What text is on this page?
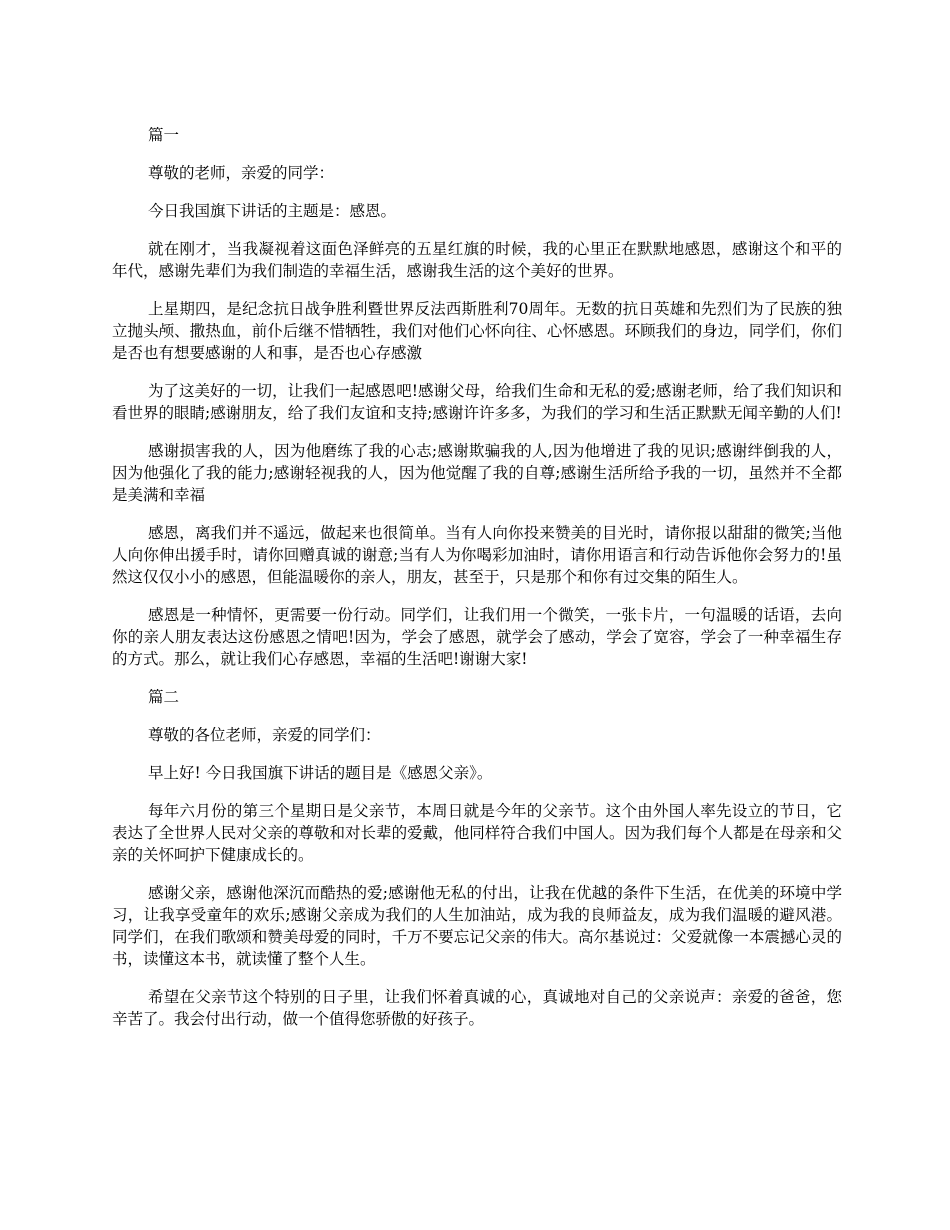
篇一

尊敬的老师，亲爱的同学：

今日我国旗下讲话的主题是：感恩。

就在刚才，当我凝视着这面色泽鲜亮的五星红旗的时候，我的心里正在默默地感恩，感谢这个和平的年代，感谢先辈们为我们制造的幸福生活，感谢我生活的这个美好的世界。

上星期四，是纪念抗日战争胜利暨世界反法西斯胜利70周年。无数的抗日英雄和先烈们为了民族的独立抛头颅、撒热血，前仆后继不惜牺牲，我们对他们心怀向往、心怀感恩。环顾我们的身边，同学们，你们是否也有想要感谢的人和事，是否也心存感激

为了这美好的一切，让我们一起感恩吧!感谢父母，给我们生命和无私的爱;感谢老师，给了我们知识和看世界的眼睛;感谢朋友，给了我们友谊和支持;感谢许许多多，为我们的学习和生活正默默无闻辛勤的人们!

感谢损害我的人，因为他磨练了我的心志;感谢欺骗我的人,因为他增进了我的见识;感谢绊倒我的人，因为他强化了我的能力;感谢轻视我的人，因为他觉醒了我的自尊;感谢生活所给予我的一切，虽然并不全都是美满和幸福

感恩，离我们并不遥远，做起来也很简单。当有人向你投来赞美的目光时，请你报以甜甜的微笑;当他人向你伸出援手时，请你回赠真诚的谢意;当有人为你喝彩加油时，请你用语言和行动告诉他你会努力的!虽然这仅仅小小的感恩，但能温暖你的亲人，朋友，甚至于，只是那个和你有过交集的陌生人。

感恩是一种情怀，更需要一份行动。同学们，让我们用一个微笑，一张卡片，一句温暖的话语，去向你的亲人朋友表达这份感恩之情吧!因为，学会了感恩，就学会了感动，学会了宽容，学会了一种幸福生存的方式。那么，就让我们心存感恩，幸福的生活吧!谢谢大家!

篇二

尊敬的各位老师，亲爱的同学们：

早上好! 今日我国旗下讲话的题目是《感恩父亲》。

每年六月份的第三个星期日是父亲节，本周日就是今年的父亲节。这个由外国人率先设立的节日，它表达了全世界人民对父亲的尊敬和对长辈的爱戴，他同样符合我们中国人。因为我们每个人都是在母亲和父亲的关怀呵护下健康成长的。

感谢父亲，感谢他深沉而酷热的爱;感谢他无私的付出，让我在优越的条件下生活，在优美的环境中学习，让我享受童年的欢乐;感谢父亲成为我们的人生加油站，成为我的良师益友，成为我们温暖的避风港。同学们，在我们歌颂和赞美母爱的同时，千万不要忘记父亲的伟大。高尔基说过：父爱就像一本震撼心灵的书，读懂这本书，就读懂了整个人生。

希望在父亲节这个特别的日子里，让我们怀着真诚的心，真诚地对自己的父亲说声：亲爱的爸爸，您辛苦了。我会付出行动，做一个值得您骄傲的好孩子。
